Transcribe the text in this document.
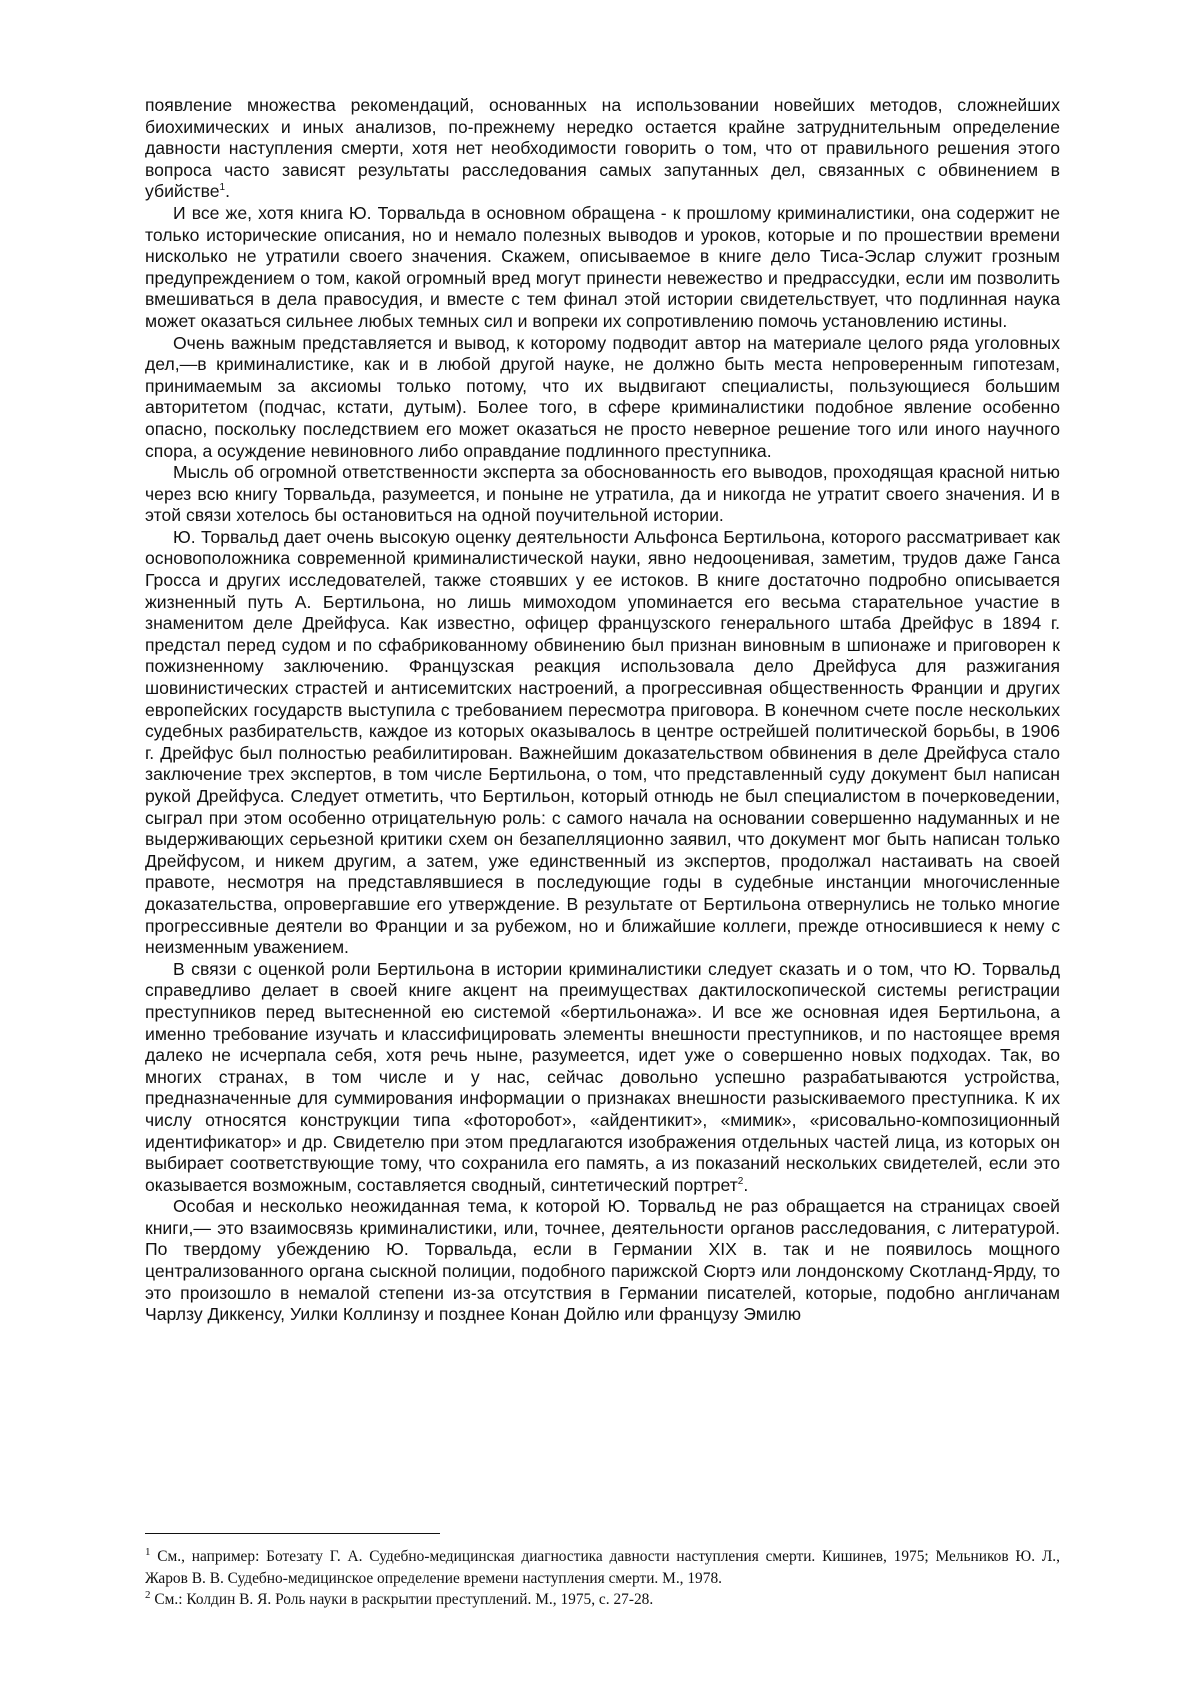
появление множества рекомендаций, основанных на использовании новейших методов, сложнейших биохимических и иных анализов, по-прежнему нередко остается крайне затруднительным определение давности наступления смерти, хотя нет необходимости говорить о том, что от правильного решения этого вопроса часто зависят результаты расследования самых запутанных дел, связанных с обвинением в убийстве1.

И все же, хотя книга Ю. Торвальда в основном обращена - к прошлому криминалистики, она содержит не только исторические описания, но и немало полезных выводов и уроков, которые и по прошествии времени нисколько не утратили своего значения. Скажем, описываемое в книге дело Тиса-Эслар служит грозным предупреждением о том, какой огромный вред могут принести невежество и предрассудки, если им позволить вмешиваться в дела правосудия, и вместе с тем финал этой истории свидетельствует, что подлинная наука может оказаться сильнее любых темных сил и вопреки их сопротивлению помочь установлению истины.

Очень важным представляется и вывод, к которому подводит автор на материале целого ряда уголовных дел,—в криминалистике, как и в любой другой науке, не должно быть места непроверенным гипотезам, принимаемым за аксиомы только потому, что их выдвигают специалисты, пользующиеся большим авторитетом (подчас, кстати, дутым). Более того, в сфере криминалистики подобное явление особенно опасно, поскольку последствием его может оказаться не просто неверное решение того или иного научного спора, а осуждение невиновного либо оправдание подлинного преступника.

Мысль об огромной ответственности эксперта за обоснованность его выводов, проходящая красной нитью через всю книгу Торвальда, разумеется, и поныне не утратила, да и никогда не утратит своего значения. И в этой связи хотелось бы остановиться на одной поучительной истории.

Ю. Торвальд дает очень высокую оценку деятельности Альфонса Бертильона, которого рассматривает как основоположника современной криминалистической науки, явно недооценивая, заметим, трудов даже Ганса Гросса и других исследователей, также стоявших у ее истоков. В книге достаточно подробно описывается жизненный путь А. Бертильона, но лишь мимоходом упоминается его весьма старательное участие в знаменитом деле Дрейфуса. Как известно, офицер французского генерального штаба Дрейфус в 1894 г. предстал перед судом и по сфабрикованному обвинению был признан виновным в шпионаже и приговорен к пожизненному заключению. Французская реакция использовала дело Дрейфуса для разжигания шовинистических страстей и антисемитских настроений, а прогрессивная общественность Франции и других европейских государств выступила с требованием пересмотра приговора. В конечном счете после нескольких судебных разбирательств, каждое из которых оказывалось в центре острейшей политической борьбы, в 1906 г. Дрейфус был полностью реабилитирован. Важнейшим доказательством обвинения в деле Дрейфуса стало заключение трех экспертов, в том числе Бертильона, о том, что представленный суду документ был написан рукой Дрейфуса. Следует отметить, что Бертильон, который отнюдь не был специалистом в почерковедении, сыграл при этом особенно отрицательную роль: с самого начала на основании совершенно надуманных и не выдерживающих серьезной критики схем он безапелляционно заявил, что документ мог быть написан только Дрейфусом, и никем другим, а затем, уже единственный из экспертов, продолжал настаивать на своей правоте, несмотря на представлявшиеся в последующие годы в судебные инстанции многочисленные доказательства, опровергавшие его утверждение. В результате от Бертильона отвернулись не только многие прогрессивные деятели во Франции и за рубежом, но и ближайшие коллеги, прежде относившиеся к нему с неизменным уважением.

В связи с оценкой роли Бертильона в истории криминалистики следует сказать и о том, что Ю. Торвальд справедливо делает в своей книге акцент на преимуществах дактилоскопической системы регистрации преступников перед вытесненной ею системой «бертильонажа». И все же основная идея Бертильона, а именно требование изучать и классифицировать элементы внешности преступников, и по настоящее время далеко не исчерпала себя, хотя речь ныне, разумеется, идет уже о совершенно новых подходах. Так, во многих странах, в том числе и у нас, сейчас довольно успешно разрабатываются устройства, предназначенные для суммирования информации о признаках внешности разыскиваемого преступника. К их числу относятся конструкции типа «фоторобот», «айдентикит», «мимик», «рисовально-композиционный идентификатор» и др. Свидетелю при этом предлагаются изображения отдельных частей лица, из которых он выбирает соответствующие тому, что сохранила его память, а из показаний нескольких свидетелей, если это оказывается возможным, составляется сводный, синтетический портрет2.

Особая и несколько неожиданная тема, к которой Ю. Торвальд не раз обращается на страницах своей книги,— это взаимосвязь криминалистики, или, точнее, деятельности органов расследования, с литературой. По твердому убеждению Ю. Торвальда, если в Германии XIX в. так и не появилось мощного централизованного органа сыскной полиции, подобного парижской Сюртэ или лондонскому Скотланд-Ярду, то это произошло в немалой степени из-за отсутствия в Германии писателей, которые, подобно англичанам Чарлзу Диккенсу, Уилки Коллинзу и позднее Конан Дойлю или французу Эмилю

1 См., например: Ботезату Г. А. Судебно-медицинская диагностика давности наступления смерти. Кишинев, 1975; Мельников Ю. Л., Жаров В. В. Судебно-медицинское определение времени наступления смерти. М., 1978.

2 См.: Колдин В. Я. Роль науки в раскрытии преступлений. М., 1975, с. 27-28.
